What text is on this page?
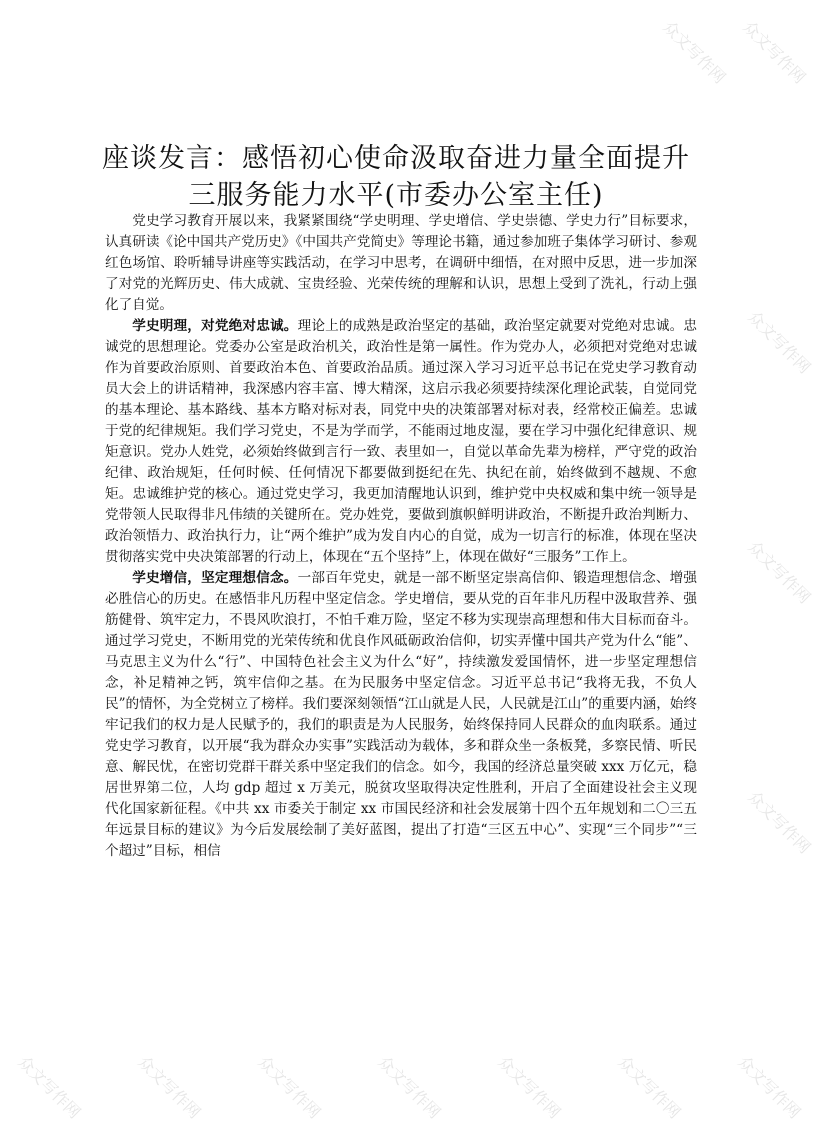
众文写作网 众文写作网
众文写作网
众文写作网
众文写作网
众文写作网
众文写作网	众文写作网	众文写作网	众文写作网	众文写作网	众文写作网
座谈发言：感悟初心使命汲取奋进力量全面提升三服务能力水平(市委办公室主任)

党史学习教育开展以来，我紧紧围绕“学史明理、学史增信、学史崇德、学史力行”目标要求，认真研读《论中国共产党历史》《中国共产党简史》等理论书籍，通过参加班子集体学习研讨、参观红色场馆、聆听辅导讲座等实践活动，在学习中思考，在调研中细悟，在对照中反思，进一步加深了对党的光辉历史、伟大成就、宝贵经验、光荣传统的理解和认识，思想上受到了洗礼，行动上强化了自觉。

学史明理，对党绝对忠诚。理论上的成熟是政治坚定的基础，政治坚定就要对党绝对忠诚。忠诚党的思想理论。党委办公室是政治机关，政治性是第一属性。作为党办人，必须把对党绝对忠诚作为首要政治原则、首要政治本色、首要政治品质。通过深入学习习近平总书记在党史学习教育动员大会上的讲话精神，我深感内容丰富、博大精深，这启示我必须要持续深化理论武装，自觉同党的基本理论、基本路线、基本方略对标对表，同党中央的决策部署对标对表，经常校正偏差。忠诚于党的纪律规矩。我们学习党史，不是为学而学，不能雨过地皮湿，要在学习中强化纪律意识、规矩意识。党办人姓党，必须始终做到言行一致、表里如一，自觉以革命先辈为榜样，严守党的政治纪律、政治规矩，任何时候、任何情况下都要做到挺纪在先、执纪在前，始终做到不越规、不愈矩。忠诚维护党的核心。通过党史学习，我更加清醒地认识到，维护党中央权威和集中统一领导是党带领人民取得非凡伟绩的关键所在。党办姓党，要做到旗帜鲜明讲政治，不断提升政治判断力、政治领悟力、政治执行力，让“两个维护”成为发自内心的自觉，成为一切言行的标准，体现在坚决贯彻落实党中央决策部署的行动上，体现在“五个坚持”上，体现在做好“三服务”工作上。

学史增信，坚定理想信念。一部百年党史，就是一部不断坚定崇高信仰、锻造理想信念、增强必胜信心的历史。在感悟非凡历程中坚定信念。学史增信，要从党的百年非凡历程中汲取营养、强筋健骨、筑牢定力，不畏风吹浪打，不怕千难万险，坚定不移为实现崇高理想和伟大目标而奋斗。通过学习党史，不断用党的光荣传统和优良作风砥砺政治信仰，切实弄懂中国共产党为什么“能”、马克思主义为什么“行”、中国特色社会主义为什么“好”，持续激发爱国情怀，进一步坚定理想信念，补足精神之钙，筑牢信仰之基。在为民服务中坚定信念。习近平总书记“我将无我，不负人民”的情怀，为全党树立了榜样。我们要深刻领悟“江山就是人民，人民就是江山”的重要内涵，始终牢记我们的权力是人民赋予的，我们的职责是为人民服务，始终保持同人民群众的血肉联系。通过党史学习教育，以开展“我为群众办实事”实践活动为载体，多和群众坐一条板凳，多察民情、听民意、解民忧，在密切党群干群关系中坚定我们的信念。如今，我国的经济总量突破 xxx 万亿元，稳居世界第二位，人均 gdp 超过 x 万美元，脱贫攻坚取得决定性胜利，开启了全面建设社会主义现代化国家新征程。《中共 xx 市委关于制定 xx 市国民经济和社会发展第十四个五年规划和二〇三五年远景目标的建议》为今后发展绘制了美好蓝图，提出了打造“三区五中心”、实现“三个同步”“三个超过”目标，相信
